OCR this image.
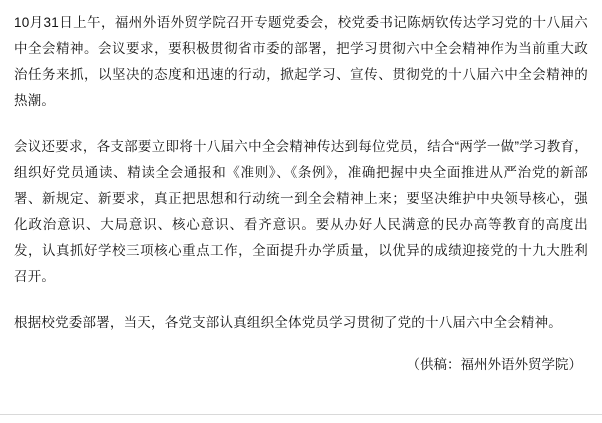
10月31日上午，福州外语外贸学院召开专题党委会，校党委书记陈炳钦传达学习党的十八届六中全会精神。会议要求，要积极贯彻省市委的部署，把学习贯彻六中全会精神作为当前重大政治任务来抓，以坚决的态度和迅速的行动，掀起学习、宣传、贯彻党的十八届六中全会精神的热潮。

会议还要求，各支部要立即将十八届六中全会精神传达到每位党员，结合“两学一做”学习教育，组织好党员通读、精读全会通报和《准则》、《条例》，准确把握中央全面推进从严治党的新部署、新规定、新要求，真正把思想和行动统一到全会精神上来；要坚决维护中央领导核心，强化政治意识、大局意识、核心意识、看齐意识。要从办好人民满意的民办高等教育的高度出发，认真抓好学校三项核心重点工作，全面提升办学质量，以优异的成绩迎接党的十九大胜利召开。

根据校党委部署，当天，各党支部认真组织全体党员学习贯彻了党的十八届六中全会精神。

（供稿：福州外语外贸学院）
